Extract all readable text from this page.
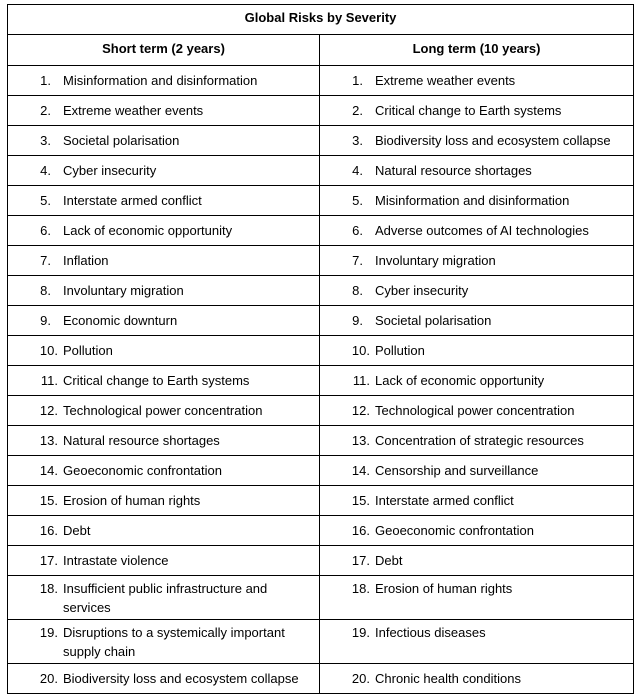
Global Risks by Severity	
Short term (2 years)	Long term (10 years)

1. Misinformation and disinformation	1. Extreme weather events

2. Extreme weather events	2. Critical change to Earth systems

3. Societal polarisation	3. Biodiversity loss and ecosystem collapse

4. Cyber insecurity	4. Natural resource shortages

5. Interstate armed conflict	5. Misinformation and disinformation

6. Lack of economic opportunity	6. Adverse outcomes of AI technologies

7. Inflation	7. Involuntary migration

8. Involuntary migration	8. Cyber insecurity

9. Economic downturn	9. Societal polarisation

10. Pollution	10. Pollution

11. Critical change to Earth systems	11. Lack of economic opportunity

12. Technological power concentration	12. Technological power concentration

13. Natural resource shortages	13. Concentration of strategic resources

14. Geoeconomic confrontation	14. Censorship and surveillance

15. Erosion of human rights	15. Interstate armed conflict

16. Debt	16. Geoeconomic confrontation

17. Intrastate violence	17. Debt

18. Insufficient public infrastructure and services	18. Erosion of human rights

19. Disruptions to a systemically important supply chain	19. Infectious diseases

20. Biodiversity loss and ecosystem collapse	20. Chronic health conditions
